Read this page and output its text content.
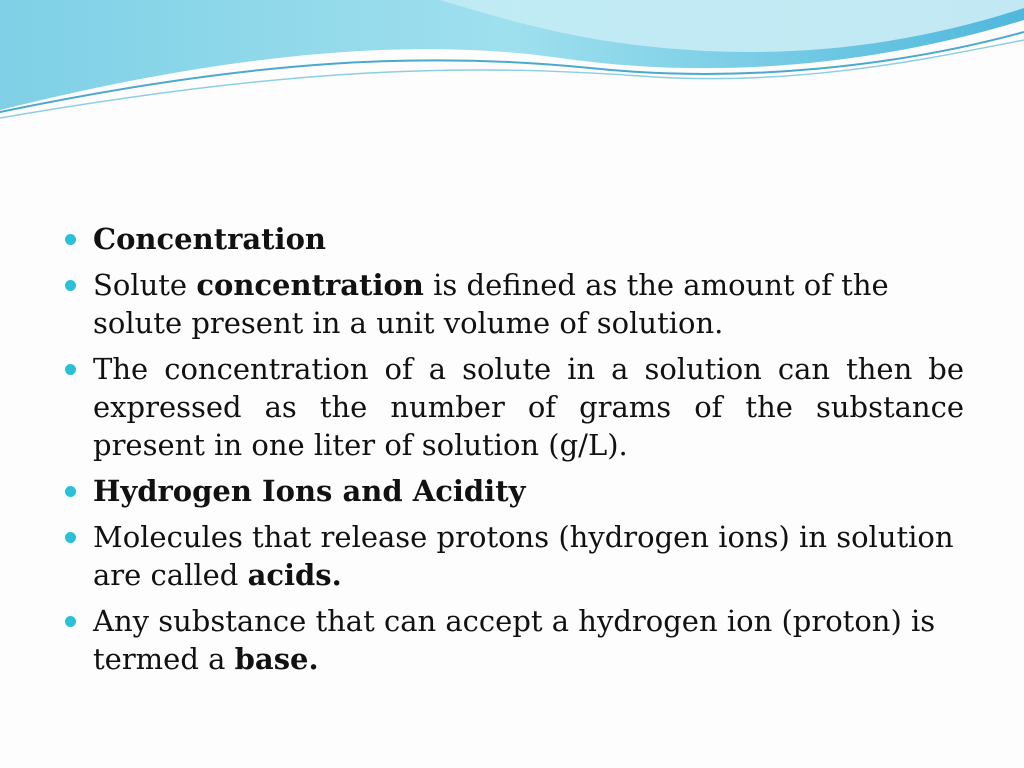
Concentration
Solute concentration is defined as the amount of the solute present in a unit volume of solution.
The concentration of a solute in a solution can then be expressed as the number of grams of the substance present in one liter of solution (g/L).
Hydrogen Ions and Acidity
Molecules that release protons (hydrogen ions) in solution are called acids.
Any substance that can accept a hydrogen ion (proton) is termed a base.
